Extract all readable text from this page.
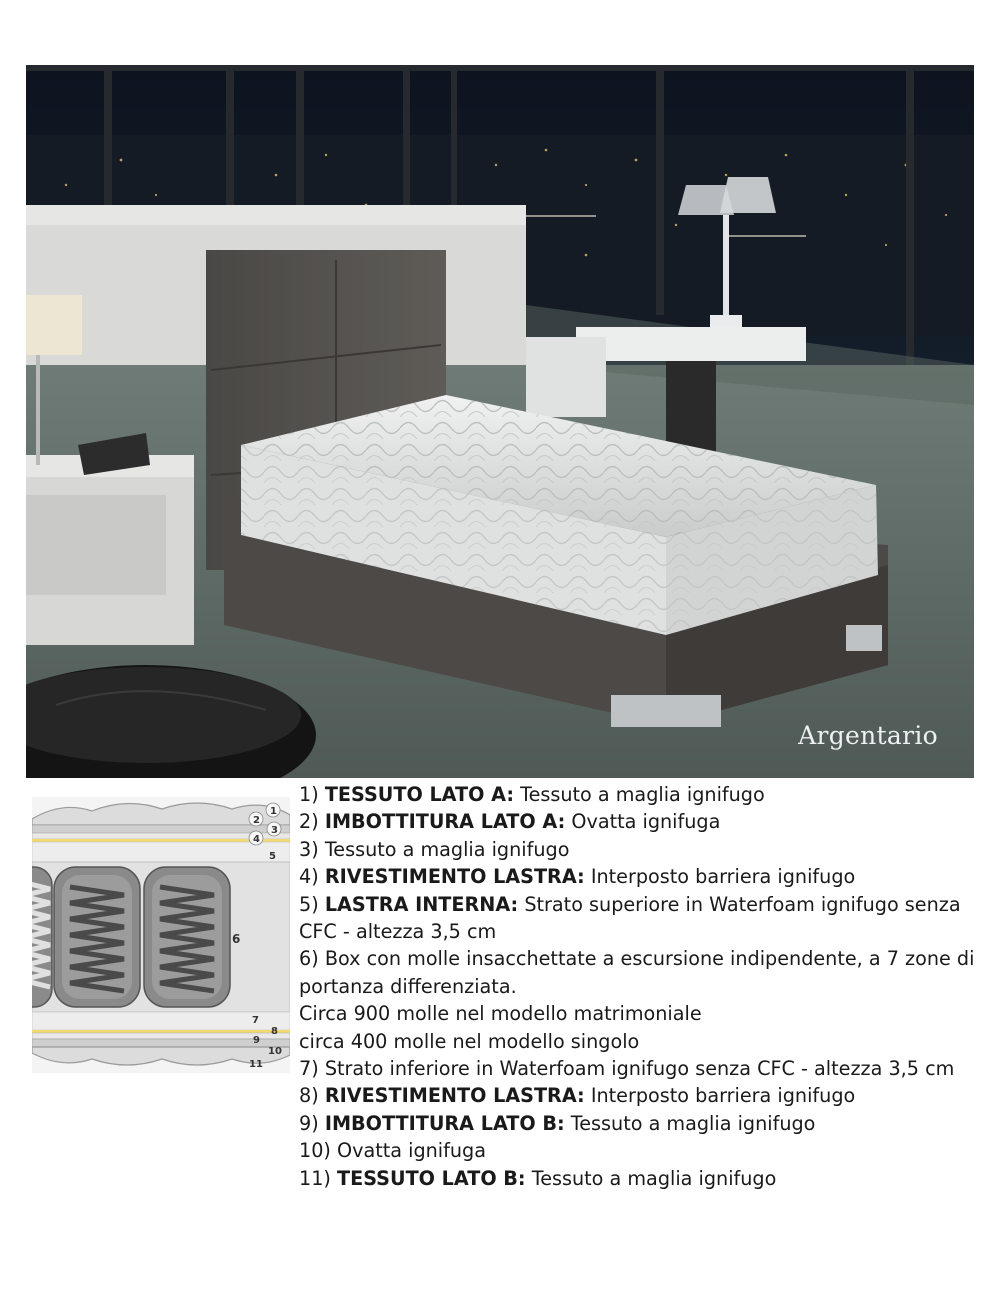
Argentario
1
2
3
4
5
6
7
8
9
10
11
1) TESSUTO LATO A: Tessuto a maglia ignifugo
2) IMBOTTITURA LATO A: Ovatta ignifuga
3) Tessuto a maglia ignifugo
4) RIVESTIMENTO LASTRA: Interposto barriera ignifugo
5) LASTRA INTERNA: Strato superiore in Waterfoam ignifugo senza CFC - altezza 3,5 cm
6) Box con molle insacchettate a escursione indipendente, a 7 zone di portanza differenziata.
Circa 900 molle nel modello matrimoniale
circa 400 molle nel modello singolo
7) Strato inferiore in Waterfoam ignifugo senza CFC - altezza 3,5 cm
8) RIVESTIMENTO LASTRA: Interposto barriera ignifugo
9) IMBOTTITURA LATO B: Tessuto a maglia ignifugo
10) Ovatta ignifuga
11) TESSUTO LATO B: Tessuto a maglia ignifugo
